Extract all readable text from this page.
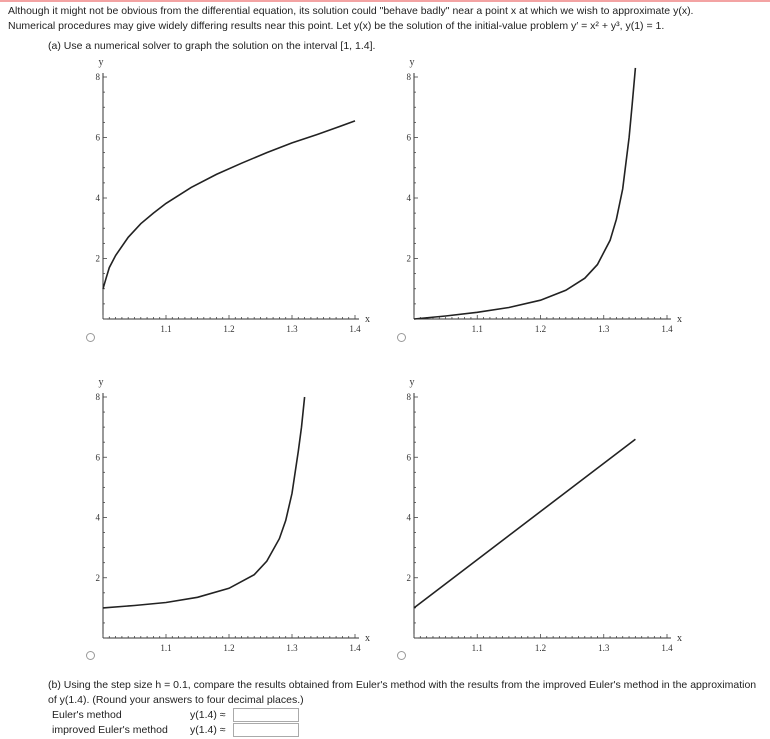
Although it might not be obvious from the differential equation, its solution could "behave badly" near a point x at which we wish to approximate y(x).
Numerical procedures may give widely differing results near this point. Let y(x) be the solution of the initial-value problem y′ = x² + y³, y(1) = 1.
(a) Use a numerical solver to graph the solution on the interval [1, 1.4].
1.1	1.2	1.3	1.4
2
4
6
8
x
y
1.1	1.2	1.3	1.4
2
4
6
8
x
y
1.1	1.2	1.3	1.4
2
4
6
8
x
y
1.1	1.2	1.3	1.4
2
4
6
8
x
y
(b) Using the step size h = 0.1, compare the results obtained from Euler's method with the results from the improved Euler's method in the approximation of y(1.4). (Round your answers to four decimal places.)
Euler's method	y(1.4) ≈
improved Euler's method y(1.4) ≈
